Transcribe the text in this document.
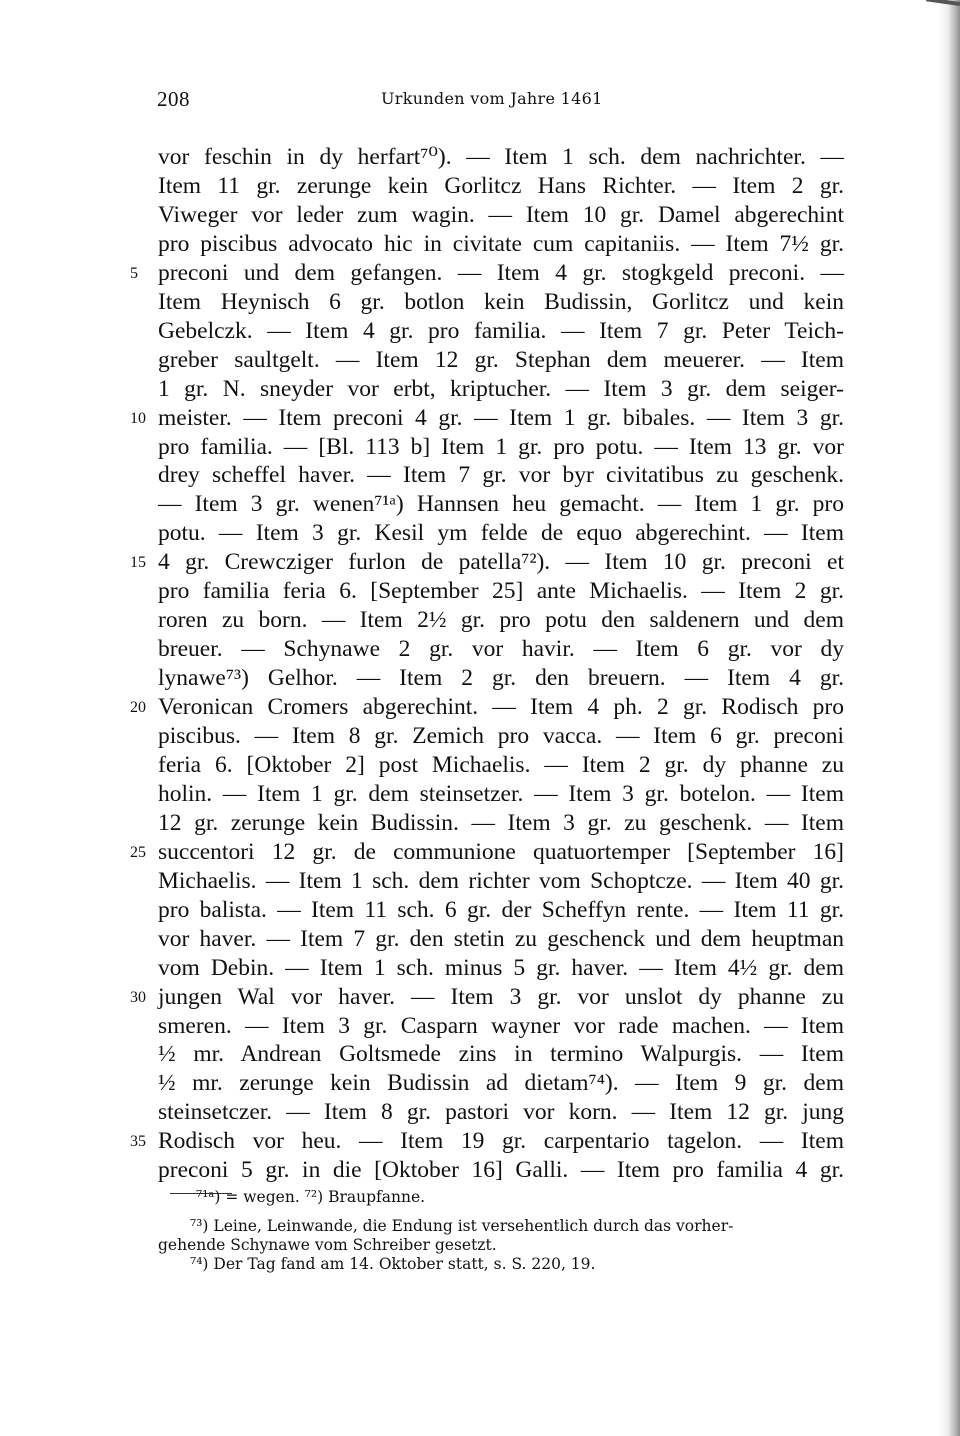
208	Urkunden vom Jahre 1461
vor feschin in dy herfart⁷⁰). — Item 1 sch. dem nachrichter. —
Item 11 gr. zerunge kein Gorlitcz Hans Richter. — Item 2 gr.
Viweger vor leder zum wagin. — Item 10 gr. Damel abgerechint
pro piscibus advocato hic in civitate cum capitaniis. — Item 7½ gr.
preconi und dem gefangen. — Item 4 gr. stogkgeld preconi. —
Item Heynisch 6 gr. botlon kein Budissin, Gorlitcz und kein
Gebelczk. — Item 4 gr. pro familia. — Item 7 gr. Peter Teich-
greber saultgelt. — Item 12 gr. Stephan dem meuerer. — Item
1 gr. N. sneyder vor erbt, kriptucher. — Item 3 gr. dem seiger-
meister. — Item preconi 4 gr. — Item 1 gr. bibales. — Item 3 gr.
pro familia. — [Bl. 113 b] Item 1 gr. pro potu. — Item 13 gr. vor
drey scheffel haver. — Item 7 gr. vor byr civitatibus zu geschenk.
— Item 3 gr. wenen⁷¹ᵃ) Hannsen heu gemacht. — Item 1 gr. pro
potu. — Item 3 gr. Kesil ym felde de equo abgerechint. — Item
4 gr. Crewcziger furlon de patella⁷²). — Item 10 gr. preconi et
pro familia feria 6. [September 25] ante Michaelis. — Item 2 gr.
roren zu born. — Item 2½ gr. pro potu den saldenern und dem
breuer. — Schynawe 2 gr. vor havir. — Item 6 gr. vor dy
lynawe⁷³) Gelhor. — Item 2 gr. den breuern. — Item 4 gr.
Veronican Cromers abgerechint. — Item 4 ph. 2 gr. Rodisch pro
piscibus. — Item 8 gr. Zemich pro vacca. — Item 6 gr. preconi
feria 6. [Oktober 2] post Michaelis. — Item 2 gr. dy phanne zu
holin. — Item 1 gr. dem steinsetzer. — Item 3 gr. botelon. — Item
12 gr. zerunge kein Budissin. — Item 3 gr. zu geschenk. — Item
succentori 12 gr. de communione quatuortemper [September 16]
Michaelis. — Item 1 sch. dem richter vom Schoptcze. — Item 40 gr.
pro balista. — Item 11 sch. 6 gr. der Scheffyn rente. — Item 11 gr.
vor haver. — Item 7 gr. den stetin zu geschenck und dem heuptman
vom Debin. — Item 1 sch. minus 5 gr. haver. — Item 4½ gr. dem
jungen Wal vor haver. — Item 3 gr. vor unslot dy phanne zu
smeren. — Item 3 gr. Casparn wayner vor rade machen. — Item
½ mr. Andrean Goltsmede zins in termino Walpurgis. — Item
½ mr. zerunge kein Budissin ad dietam⁷⁴). — Item 9 gr. dem
steinsetczer. — Item 8 gr. pastori vor korn. — Item 12 gr. jung
Rodisch vor heu. — Item 19 gr. carpentario tagelon. — Item
preconi 5 gr. in die [Oktober 16] Galli. — Item pro familia 4 gr.
5
10
15
20
25
30
35
⁷¹ᵃ) = wegen. ⁷²) Braupfanne.
⁷³) Leine, Leinwande, die Endung ist versehentlich durch das vorher-
gehende Schynawe vom Schreiber gesetzt.
⁷⁴) Der Tag fand am 14. Oktober statt, s. S. 220, 19.
